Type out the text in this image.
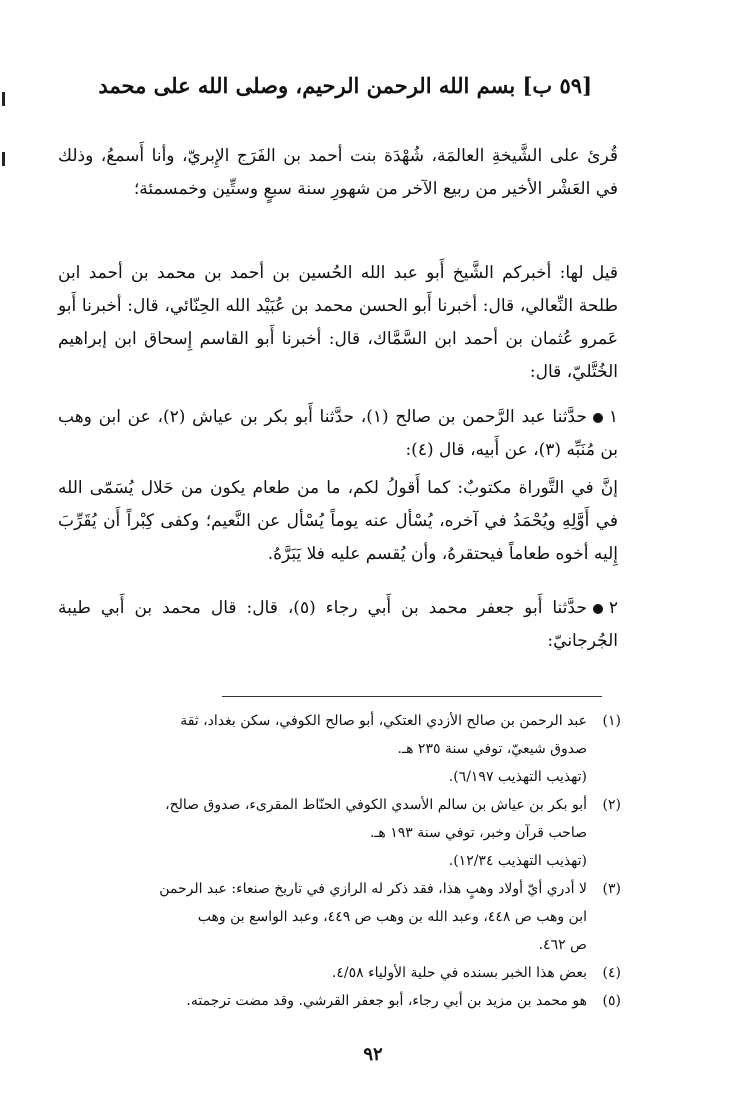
[٥٩ ب] بسم الله الرحمن الرحيم، وصلى الله على محمد
قُرئ على الشَّيخةِ العالمَة، شُهْدَة بنت أحمد بن الفَرَج الإِبريّ، وأنا أَسمعُ، وذلك في العَشْر الأخير من ربيع الآخر من شهورِ سنة سبعٍ وستِّين وخمسمئة؛
قيل لها: أخبركم الشَّيخ أَبو عبد الله الحُسين بن أحمد بن محمد بن أحمد ابن طلحة النِّعالي، قال: أخبرنا أَبو الحسن محمد بن عُبَيْد الله الحِنّائي، قال: أخبرنا أَبو عَمرو عُثمان بن أحمد ابن السَّمَّاك، قال: أخبرنا أَبو القاسم إِسحاق ابن إبراهيم الخُتَّليّ، قال:
١حدَّثنا عبد الرَّحمن بن صالح (١)، حدَّثنا أَبو بكر بن عياش (٢)، عن ابن وهب بن مُنَبِّه (٣)، عن أَبيه، قال (٤):
إنَّ في التَّوراة مكتوبٌ: كما أَقولُ لكم، ما من طعام يكون من حَلال يُسَمّى الله في أَوَّلِهِ ويُحْمَدُ في آخره، يُسْأل عنه يوماً يُسْأل عن النَّعيم؛ وكفى كِبْراً أَن يُقَرِّبَ إِليه أخوه طعاماً فيحتقرهُ، وأن يُقسم عليه فلا يَبَرَّهُ.
٢حدَّثنا أَبو جعفر محمد بن أَبي رجاء (٥)، قال: قال محمد بن أَبي طيبة الجُرجانيّ:
(١)
عبد الرحمن بن صالح الأزدي العتكي، أبو صالح الكوفي، سكن بغداد، ثقة
صدوق شيعيّ، توفي سنة ٢٣٥ هـ.
(تهذيب التهذيب ٦/١٩٧).
(٢)
أبو بكر بن عياش بن سالم الأسدي الكوفي الحنّاط المقرىء، صدوق صالح،
صاحب قرآن وخبر، توفي سنة ١٩٣ هـ.
(تهذيب التهذيب ١٢/٣٤).
(٣)
لا أدري أيّ أولاد وهبٍ هذا، فقد ذكر له الرازي في تاريخ صنعاء: عبد الرحمن
ابن وهب ص ٤٤٨، وعبد الله بن وهب ص ٤٤٩، وعبد الواسع بن وهب
ص ٤٦٢.
(٤)
بعض هذا الخبر بسنده في حلية الأولياء ٤/٥٨.
(٥)
هو محمد بن مزيد بن أبي رجاء، أبو جعفر القرشي. وقد مضت ترجمته.
٩٢
